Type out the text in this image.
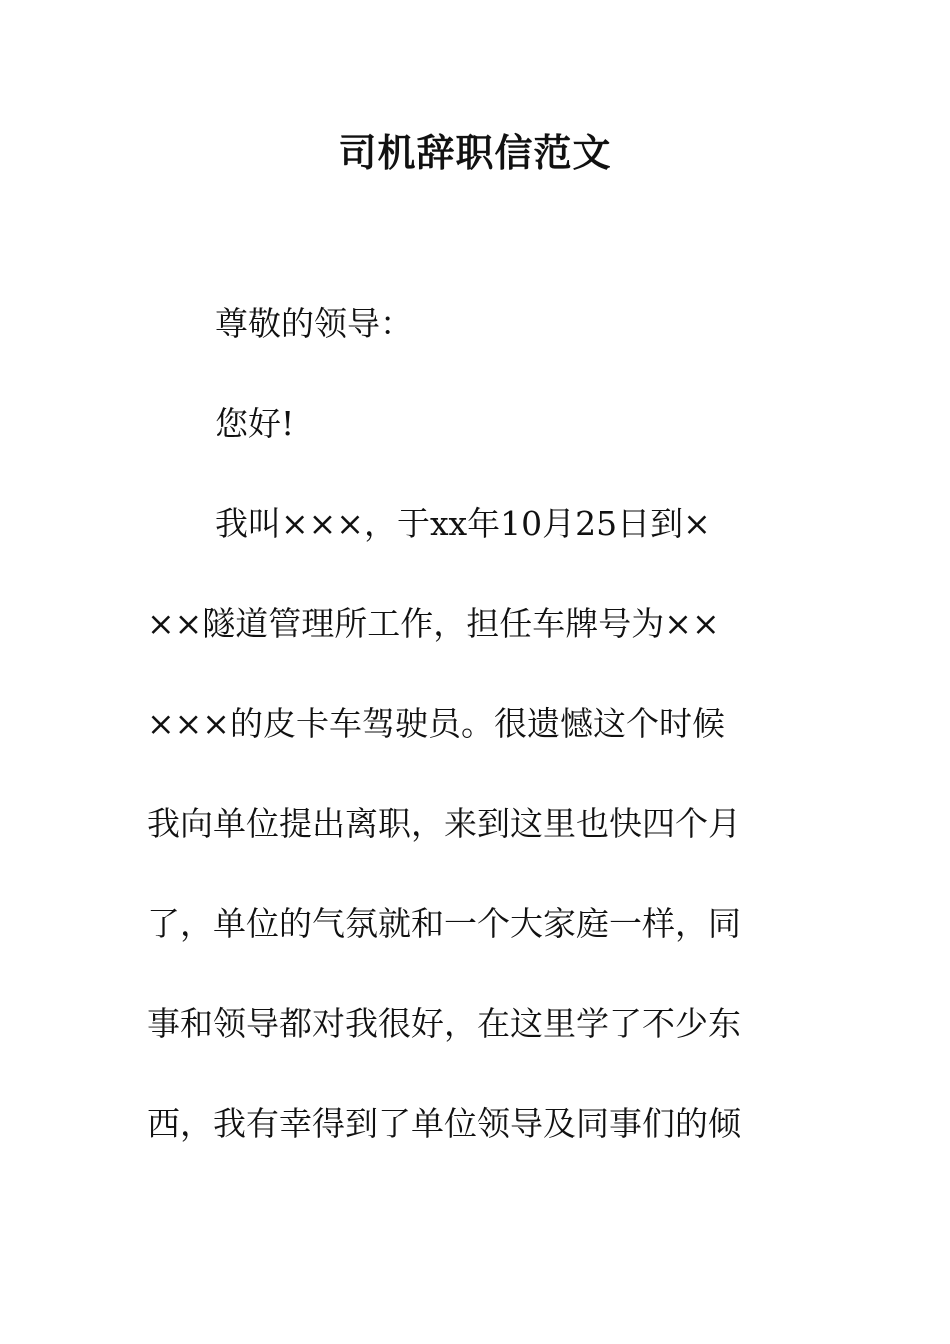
司机辞职信范文
尊敬的领导：
您好!
我叫×××，于xx年10月25日到×
××隧道管理所工作，担任车牌号为××
×××的皮卡车驾驶员。很遗憾这个时候
我向单位提出离职，来到这里也快四个月
了，单位的气氛就和一个大家庭一样，同
事和领导都对我很好，在这里学了不少东
西，我有幸得到了单位领导及同事们的倾
